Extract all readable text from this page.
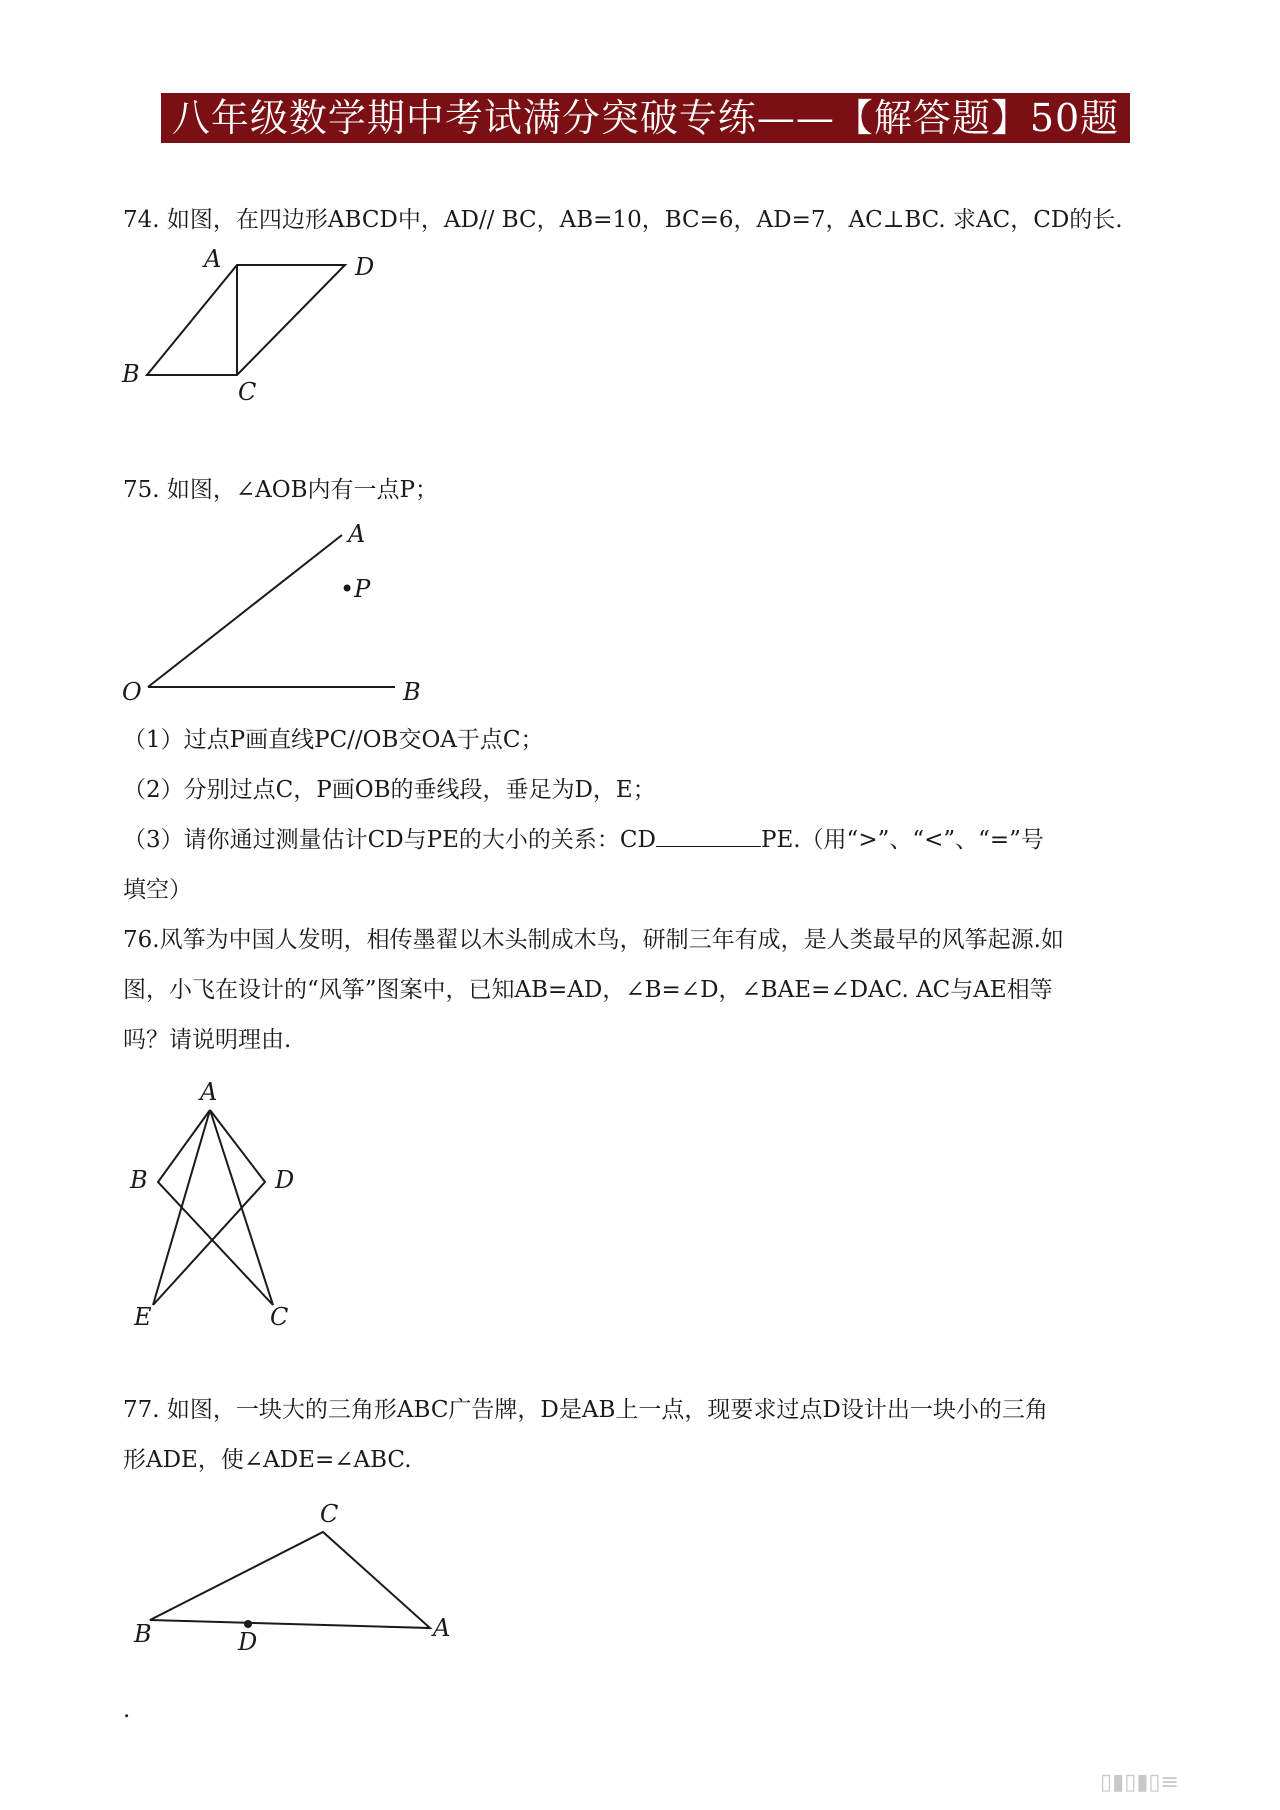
八年级数学期中考试满分突破专练——【解答题】50题
74. 如图，在四边形ABCD中，AD// BC，AB=10，BC=6，AD=7，AC⊥BC. 求AC，CD的长.
A	D
B
C
75. 如图，∠AOB内有一点P；
A
•P
O	B
（1）过点P画直线PC//OB交OA于点C；
（2）分别过点C，P画OB的垂线段，垂足为D，E；
（3）请你通过测量估计CD与PE的大小的关系：CD	PE.（用“>”、“<”、“=”号
填空）
76.风筝为中国人发明，相传墨翟以木头制成木鸟，研制三年有成，是人类最早的风筝起源.如
图，小飞在设计的“风筝”图案中，已知AB=AD，∠B=∠D，∠BAE=∠DAC. AC与AE相等
吗？请说明理由.
A
B	D
E	C
77. 如图，一块大的三角形ABC广告牌，D是AB上一点，现要求过点D设计出一块小的三角
形ADE，使∠ADE=∠ABC.
C
B	D	A
.
▯▮▯▮▯≡
